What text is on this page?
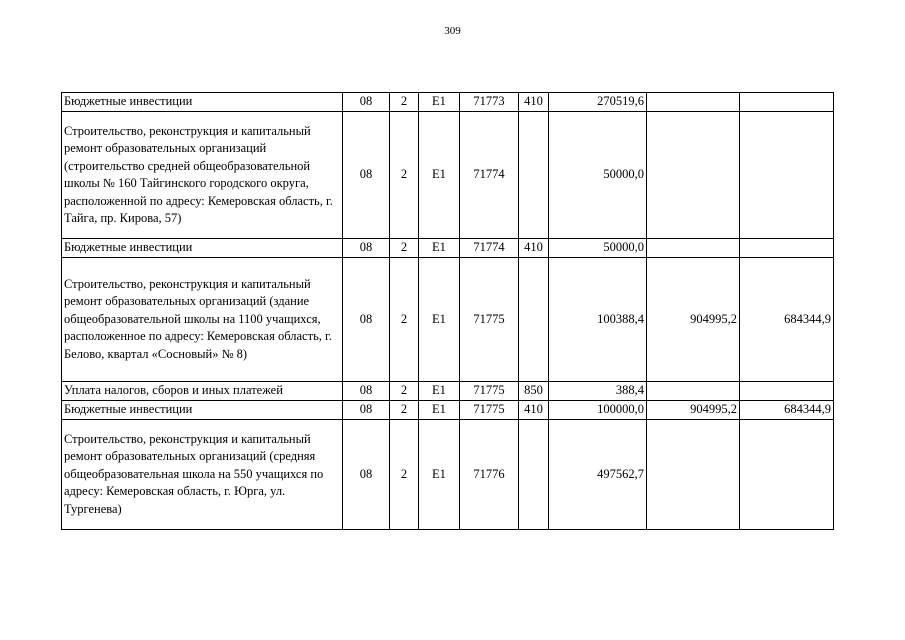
309
Бюджетные инвестиции	08	2	E1	71773	410	270519,6		
Строительство, реконструкция и капитальный ремонт образовательных организаций (строительство средней общеобразовательной школы № 160 Тайгинского городского округа, расположенной по адресу: Кемеровская область, г. Тайга, пр. Кирова, 57)	08	2	E1	71774		50000,0		
Бюджетные инвестиции	08	2	E1	71774	410	50000,0		
Строительство, реконструкция и капитальный ремонт образовательных организаций (здание общеобразовательной школы на 1100 учащихся, расположенное по адресу: Кемеровская область, г. Белово, квартал «Сосновый» № 8)	08	2	E1	71775		100388,4	904995,2	684344,9
Уплата налогов, сборов и иных платежей	08	2	E1	71775	850	388,4		
Бюджетные инвестиции	08	2	E1	71775	410	100000,0	904995,2	684344,9
Строительство, реконструкция и капитальный ремонт образовательных организаций (средняя общеобразовательная школа на 550 учащихся по адресу: Кемеровская область, г. Юрга, ул. Тургенева)	08	2	E1	71776		497562,7		
